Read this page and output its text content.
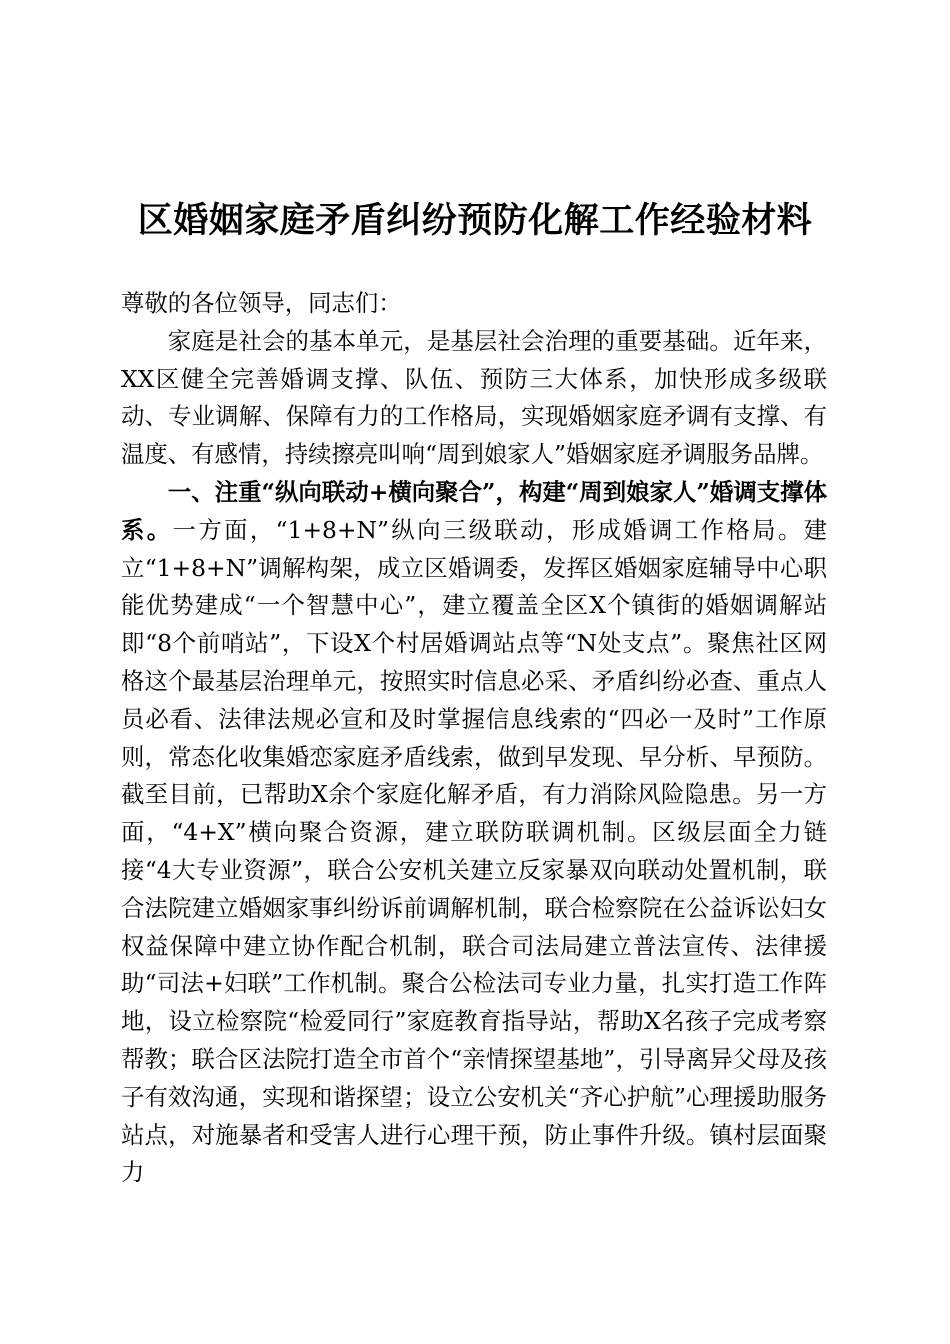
区婚姻家庭矛盾纠纷预防化解工作经验材料

尊敬的各位领导，同志们：

家庭是社会的基本单元，是基层社会治理的重要基础。近年来，XX区健全完善婚调支撑、队伍、预防三大体系，加快形成多级联动、专业调解、保障有力的工作格局，实现婚姻家庭矛调有支撑、有温度、有感情，持续擦亮叫响“周到娘家人”婚姻家庭矛调服务品牌。

一、注重“纵向联动+横向聚合”，构建“周到娘家人”婚调支撑体系。一方面，“1+8+N”纵向三级联动，形成婚调工作格局。建立“1+8+N”调解构架，成立区婚调委，发挥区婚姻家庭辅导中心职能优势建成“一个智慧中心”，建立覆盖全区X个镇街的婚姻调解站即“8个前哨站”，下设X个村居婚调站点等“N处支点”。聚焦社区网格这个最基层治理单元，按照实时信息必采、矛盾纠纷必查、重点人员必看、法律法规必宣和及时掌握信息线索的“四必一及时”工作原则，常态化收集婚恋家庭矛盾线索，做到早发现、早分析、早预防。截至目前，已帮助X余个家庭化解矛盾，有力消除风险隐患。另一方面，“4+X”横向聚合资源，建立联防联调机制。区级层面全力链接“4大专业资源”，联合公安机关建立反家暴双向联动处置机制，联合法院建立婚姻家事纠纷诉前调解机制，联合检察院在公益诉讼妇女权益保障中建立协作配合机制，联合司法局建立普法宣传、法律援助“司法+妇联”工作机制。聚合公检法司专业力量，扎实打造工作阵地，设立检察院“检爱同行”家庭教育指导站，帮助X名孩子完成考察帮教；联合区法院打造全市首个“亲情探望基地”，引导离异父母及孩子有效沟通，实现和谐探望；设立公安机关“齐心护航”心理援助服务站点，对施暴者和受害人进行心理干预，防止事件升级。镇村层面聚力
